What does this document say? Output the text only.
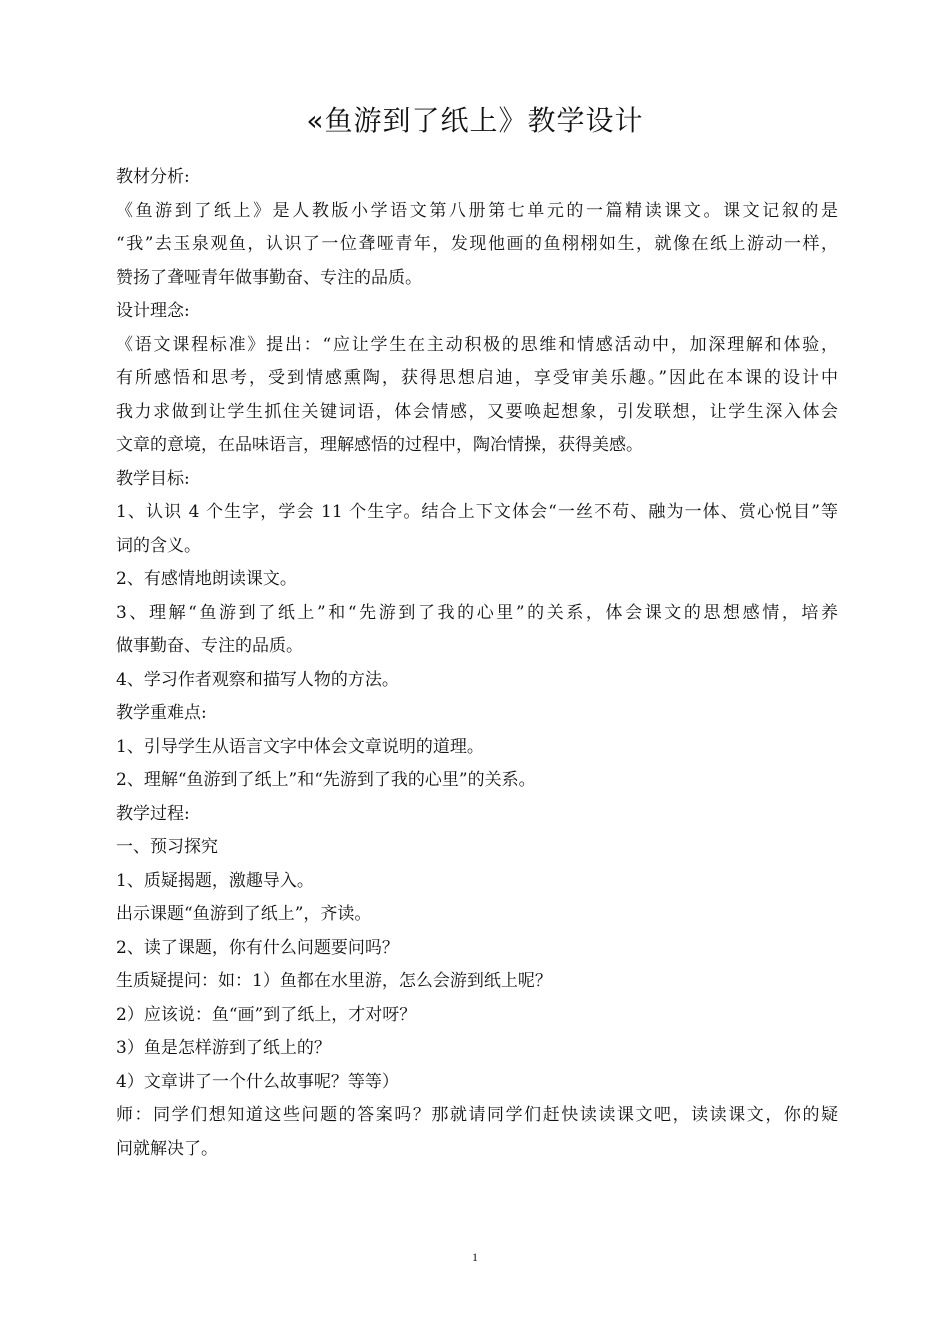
«鱼游到了纸上》教学设计
教材分析:
《鱼游到了纸上》是人教版小学语文第八册第七单元的一篇精读课文。课文记叙的是
“我”去玉泉观鱼，认识了一位聋哑青年，发现他画的鱼栩栩如生，就像在纸上游动一样，
赞扬了聋哑青年做事勤奋、专注的品质。
设计理念:
《语文课程标准》提出：“应让学生在主动积极的思维和情感活动中，加深理解和体验，
有所感悟和思考，受到情感熏陶，获得思想启迪，享受审美乐趣。”因此在本课的设计中
我力求做到让学生抓住关键词语，体会情感，又要唤起想象，引发联想，让学生深入体会
文章的意境，在品味语言，理解感悟的过程中，陶冶情操，获得美感。
教学目标:
1、认识 4 个生字，学会 11 个生字。结合上下文体会“一丝不苟、融为一体、赏心悦目”等
词的含义。
2、有感情地朗读课文。
3、理解“鱼游到了纸上”和“先游到了我的心里”的关系，体会课文的思想感情，培养
做事勤奋、专注的品质。
4、学习作者观察和描写人物的方法。
教学重难点:
1、引导学生从语言文字中体会文章说明的道理。
2、理解“鱼游到了纸上”和“先游到了我的心里”的关系。
教学过程:
一、预习探究
1、质疑揭题，激趣导入。
出示课题“鱼游到了纸上”，齐读。
2、读了课题，你有什么问题要问吗？
生质疑提问：如：1）鱼都在水里游，怎么会游到纸上呢？
2）应该说：鱼“画”到了纸上，才对呀？
3）鱼是怎样游到了纸上的？
4）文章讲了一个什么故事呢？等等）
师：同学们想知道这些问题的答案吗？那就请同学们赶快读读课文吧，读读课文，你的疑
问就解决了。
1
